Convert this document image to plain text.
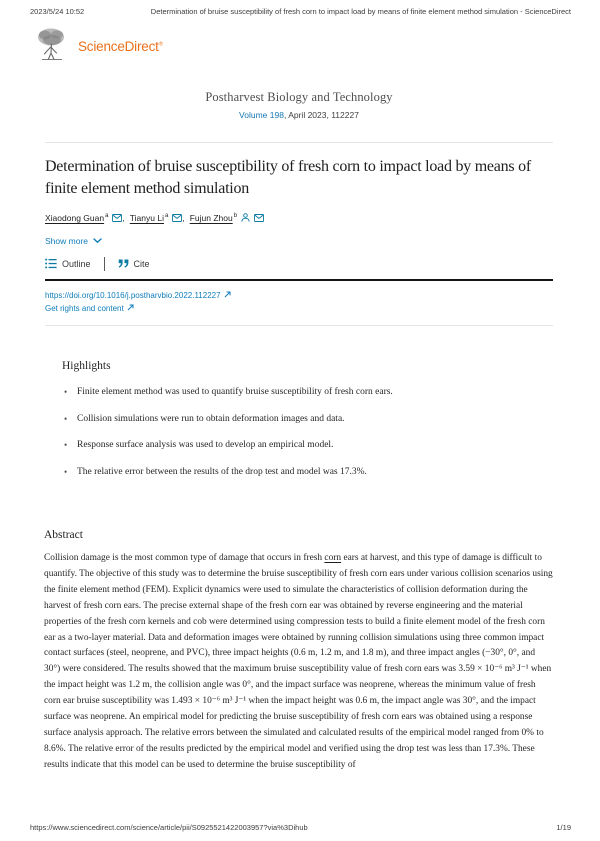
2023/5/24 10:52	Determination of bruise susceptibility of fresh corn to impact load by means of finite element method simulation - ScienceDirect
ScienceDirect®
Postharvest Biology and Technology
Volume 198, April 2023, 112227
Determination of bruise susceptibility of fresh corn to impact load by means of finite element method simulation
Xiaodong Guan$^a$ , Tianyu Li$^a$ , Fujun Zhou$^b$
Show more
Outline	Cite
https://doi.org/10.1016/j.postharvbio.2022.112227
Get rights and content
Highlights
• Finite element method was used to quantify bruise susceptibility of fresh corn ears.
• Collision simulations were run to obtain deformation images and data.
• Response surface analysis was used to develop an empirical model.
• The relative error between the results of the drop test and model was 17.3%.
Abstract

Collision damage is the most common type of damage that occurs in fresh corn ears at harvest, and this type of damage is difficult to quantify. The objective of this study was to determine the bruise susceptibility of fresh corn ears under various collision scenarios using the finite element method (FEM). Explicit dynamics were used to simulate the characteristics of collision deformation during the harvest of fresh corn ears. The precise external shape of the fresh corn ear was obtained by reverse engineering and the material properties of the fresh corn kernels and cob were determined using compression tests to build a finite element model of the fresh corn ear as a two-layer material. Data and deformation images were obtained by running collision simulations using three common impact contact surfaces (steel, neoprene, and PVC), three impact heights (0.6 m, 1.2 m, and 1.8 m), and three impact angles (−30°, 0°, and 30°) were considered. The results showed that the maximum bruise susceptibility value of fresh corn ears was 3.59 × 10⁻⁶ m³ J⁻¹ when the impact height was 1.2 m, the collision angle was 0°, and the impact surface was neoprene, whereas the minimum value of fresh corn ear bruise susceptibility was 1.493 × 10⁻⁶ m³ J⁻¹ when the impact height was 0.6 m, the impact angle was 30°, and the impact surface was neoprene. An empirical model for predicting the bruise susceptibility of fresh corn ears was obtained using a response surface analysis approach. The relative errors between the simulated and calculated results of the empirical model ranged from 0% to 8.6%. The relative error of the results predicted by the empirical model and verified using the drop test was less than 17.3%. These results indicate that this model can be used to determine the bruise susceptibility of

https://www.sciencedirect.com/science/article/pii/S0925521422003957?via%3Dihub	1/19
